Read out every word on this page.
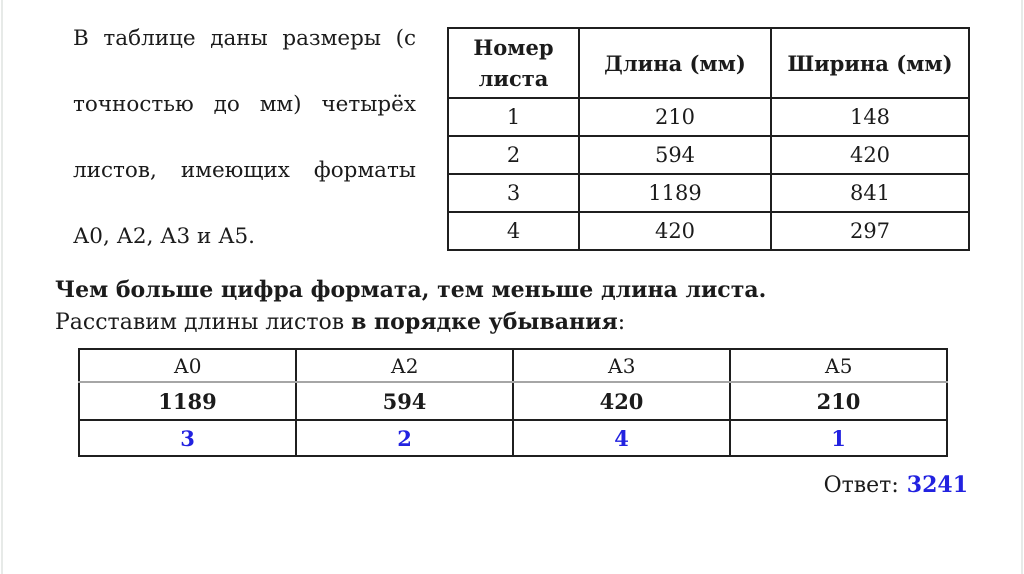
В таблице даны размеры (с
точностью до мм) четырёх
листов, имеющих форматы
А0, А2, А3 и А5.
Номер листа	Длина (мм)	Ширина (мм)
1	210	148
2	594	420
3	1189	841
4	420	297
Чем больше цифра формата, тем меньше длина листа.
Расставим длины листов в порядке убывания:
А0	А2	А3	А5
1189	594	420	210
3	2	4	1
Ответ: 3241
